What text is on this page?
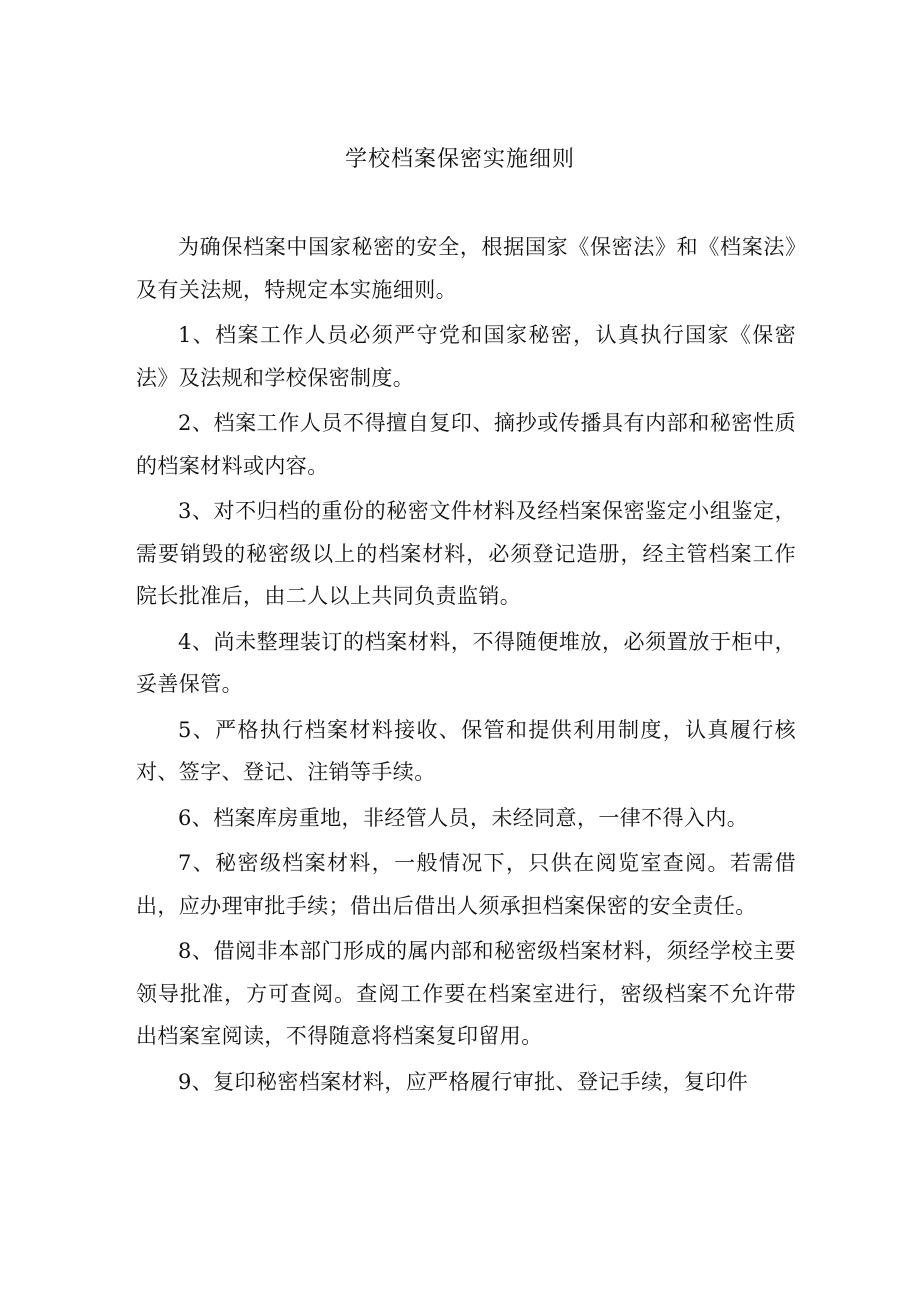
学校档案保密实施细则

为确保档案中国家秘密的安全，根据国家《保密法》和《档案法》及有关法规，特规定本实施细则。

1、档案工作人员必须严守党和国家秘密，认真执行国家《保密法》及法规和学校保密制度。

2、档案工作人员不得擅自复印、摘抄或传播具有内部和秘密性质的档案材料或内容。

3、对不归档的重份的秘密文件材料及经档案保密鉴定小组鉴定，需要销毁的秘密级以上的档案材料，必须登记造册，经主管档案工作院长批准后，由二人以上共同负责监销。

4、尚未整理装订的档案材料，不得随便堆放，必须置放于柜中，妥善保管。

5、严格执行档案材料接收、保管和提供利用制度，认真履行核对、签字、登记、注销等手续。

6、档案库房重地，非经管人员，未经同意，一律不得入内。

7、秘密级档案材料，一般情况下，只供在阅览室查阅。若需借出，应办理审批手续；借出后借出人须承担档案保密的安全责任。

8、借阅非本部门形成的属内部和秘密级档案材料，须经学校主要领导批准，方可查阅。查阅工作要在档案室进行，密级档案不允许带出档案室阅读，不得随意将档案复印留用。

9、复印秘密档案材料，应严格履行审批、登记手续，复印件
